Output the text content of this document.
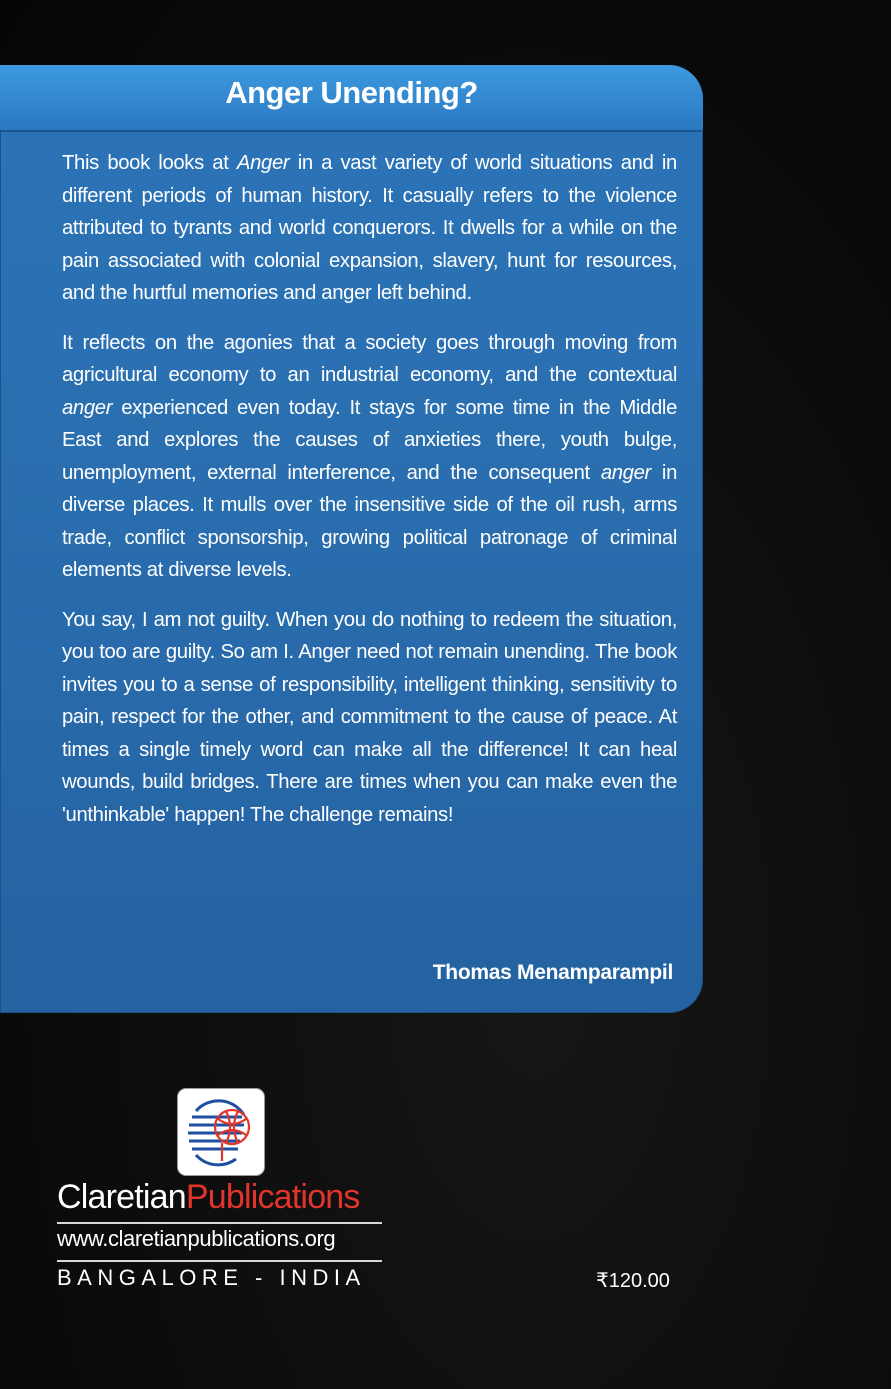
Anger Unending?

This book looks at Anger in a vast variety of world situations and in different periods of human history. It casually refers to the violence attributed to tyrants and world conquerors. It dwells for a while on the pain associated with colonial expansion, slavery, hunt for resources, and the hurtful memories and anger left behind.

It reflects on the agonies that a society goes through moving from agricultural economy to an industrial economy, and the contextual anger experienced even today. It stays for some time in the Middle East and explores the causes of anxieties there, youth bulge, unemployment, external interference, and the consequent anger in diverse places. It mulls over the insensitive side of the oil rush, arms trade, conflict sponsorship, growing political patronage of criminal elements at diverse levels.

You say, I am not guilty. When you do nothing to redeem the situation, you too are guilty. So am I. Anger need not remain unending. The book invites you to a sense of responsibility, intelligent thinking, sensitivity to pain, respect for the other, and commitment to the cause of peace. At times a single timely word can make all the difference! It can heal wounds, build bridges. There are times when you can make even the 'unthinkable' happen! The challenge remains!

Thomas Menamparampil
ClaretianPublications
www.claretianpublications.org
BANGALORE - INDIA	₹120.00
